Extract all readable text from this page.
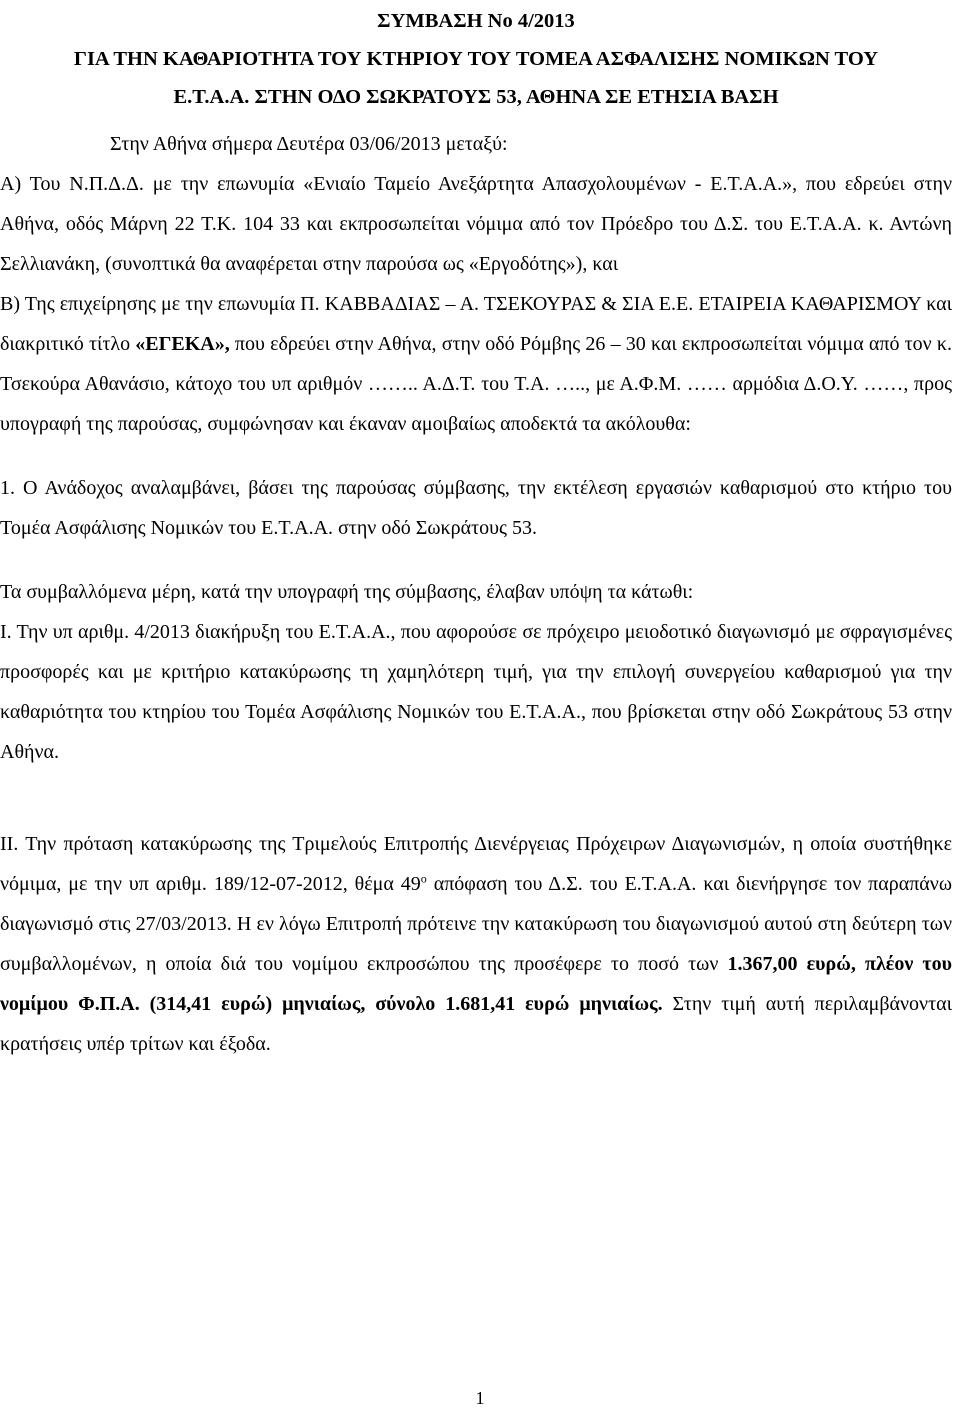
ΣΥΜΒΑΣΗ No 4/2013

ΓΙΑ ΤΗΝ ΚΑΘΑΡΙΟΤΗΤΑ ΤΟΥ ΚΤΗΡΙΟΥ ΤΟΥ ΤΟΜΕΑ ΑΣΦΑΛΙΣΗΣ ΝΟΜΙΚΩΝ ΤΟΥ

Ε.Τ.Α.Α. ΣΤΗΝ ΟΔΟ ΣΩΚΡΑΤΟΥΣ 53, ΑΘΗΝΑ ΣΕ ΕΤΗΣΙΑ ΒΑΣΗ

Στην Αθήνα σήμερα Δευτέρα 03/06/2013 μεταξύ:

Α) Του Ν.Π.Δ.Δ. με την επωνυμία «Ενιαίο Ταμείο Ανεξάρτητα Απασχολουμένων - Ε.Τ.Α.Α.», που εδρεύει στην Αθήνα, οδός Μάρνη 22 Τ.Κ. 104 33 και εκπροσωπείται νόμιμα από τον Πρόεδρο του Δ.Σ. του Ε.Τ.Α.Α. κ. Αντώνη Σελλιανάκη, (συνοπτικά θα αναφέρεται στην παρούσα ως «Εργοδότης»), και

Β) Της επιχείρησης με την επωνυμία Π. ΚΑΒΒΑΔΙΑΣ – Α. ΤΣΕΚΟΥΡΑΣ & ΣΙΑ Ε.Ε. ΕΤΑΙΡΕΙΑ ΚΑΘΑΡΙΣΜΟΥ και διακριτικό τίτλο «ΕΓΕΚΑ», που εδρεύει στην Αθήνα, στην οδό Ρόμβης 26 – 30 και εκπροσωπείται νόμιμα από τον κ. Τσεκούρα Αθανάσιο, κάτοχο του υπ αριθμόν …….. Α.Δ.Τ. του Τ.Α. ….., με Α.Φ.Μ. …… αρμόδια Δ.Ο.Υ. ……, προς υπογραφή της παρούσας, συμφώνησαν και έκαναν αμοιβαίως αποδεκτά τα ακόλουθα:

1. Ο Ανάδοχος αναλαμβάνει, βάσει της παρούσας σύμβασης, την εκτέλεση εργασιών καθαρισμού στο κτήριο του Τομέα Ασφάλισης Νομικών του Ε.Τ.Α.Α. στην οδό Σωκράτους 53.

Τα συμβαλλόμενα μέρη, κατά την υπογραφή της σύμβασης, έλαβαν υπόψη τα κάτωθι:

Ι. Την υπ αριθμ. 4/2013 διακήρυξη του Ε.Τ.Α.Α., που αφορούσε σε πρόχειρο μειοδοτικό διαγωνισμό με σφραγισμένες προσφορές και με κριτήριο κατακύρωσης τη χαμηλότερη τιμή, για την επιλογή συνεργείου καθαρισμού για την καθαριότητα του κτηρίου του Τομέα Ασφάλισης Νομικών του Ε.Τ.Α.Α., που βρίσκεται στην οδό Σωκράτους 53 στην Αθήνα.

ΙΙ. Την πρόταση κατακύρωσης της Τριμελούς Επιτροπής Διενέργειας Πρόχειρων Διαγωνισμών, η οποία συστήθηκε νόμιμα, με την υπ αριθμ. 189/12-07-2012, θέμα $49^o$ απόφαση του Δ.Σ. του Ε.Τ.Α.Α. και διενήργησε τον παραπάνω διαγωνισμό στις 27/03/2013. Η εν λόγω Επιτροπή πρότεινε την κατακύρωση του διαγωνισμού αυτού στη δεύτερη των συμβαλλομένων, η οποία διά του νομίμου εκπροσώπου της προσέφερε το ποσό των 1.367,00 ευρώ, πλέον του νομίμου Φ.Π.Α. (314,41 ευρώ) μηνιαίως, σύνολο 1.681,41 ευρώ μηνιαίως. Στην τιμή αυτή περιλαμβάνονται κρατήσεις υπέρ τρίτων και έξοδα.

1
